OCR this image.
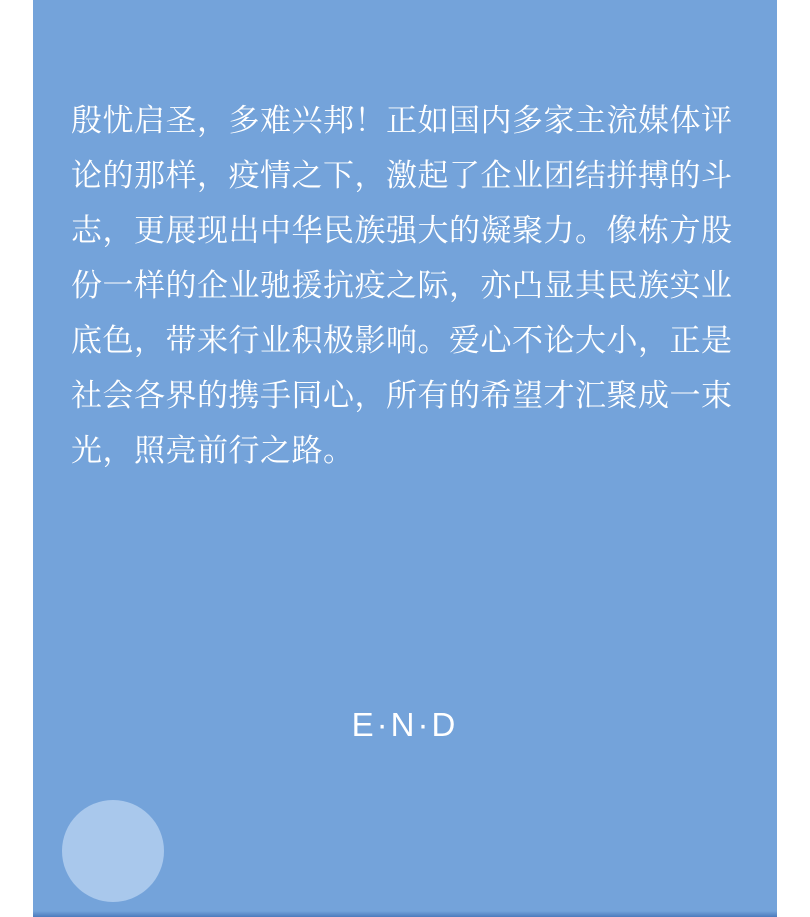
殷忧启圣，多难兴邦！正如国内多家主流媒体评
论的那样，疫情之下，激起了企业团结拼搏的斗
志，更展现出中华民族强大的凝聚力。像栋方股
份一样的企业驰援抗疫之际，亦凸显其民族实业
底色，带来行业积极影响。爱心不论大小，正是
社会各界的携手同心，所有的希望才汇聚成一束
光，照亮前行之路。
E·N·D
